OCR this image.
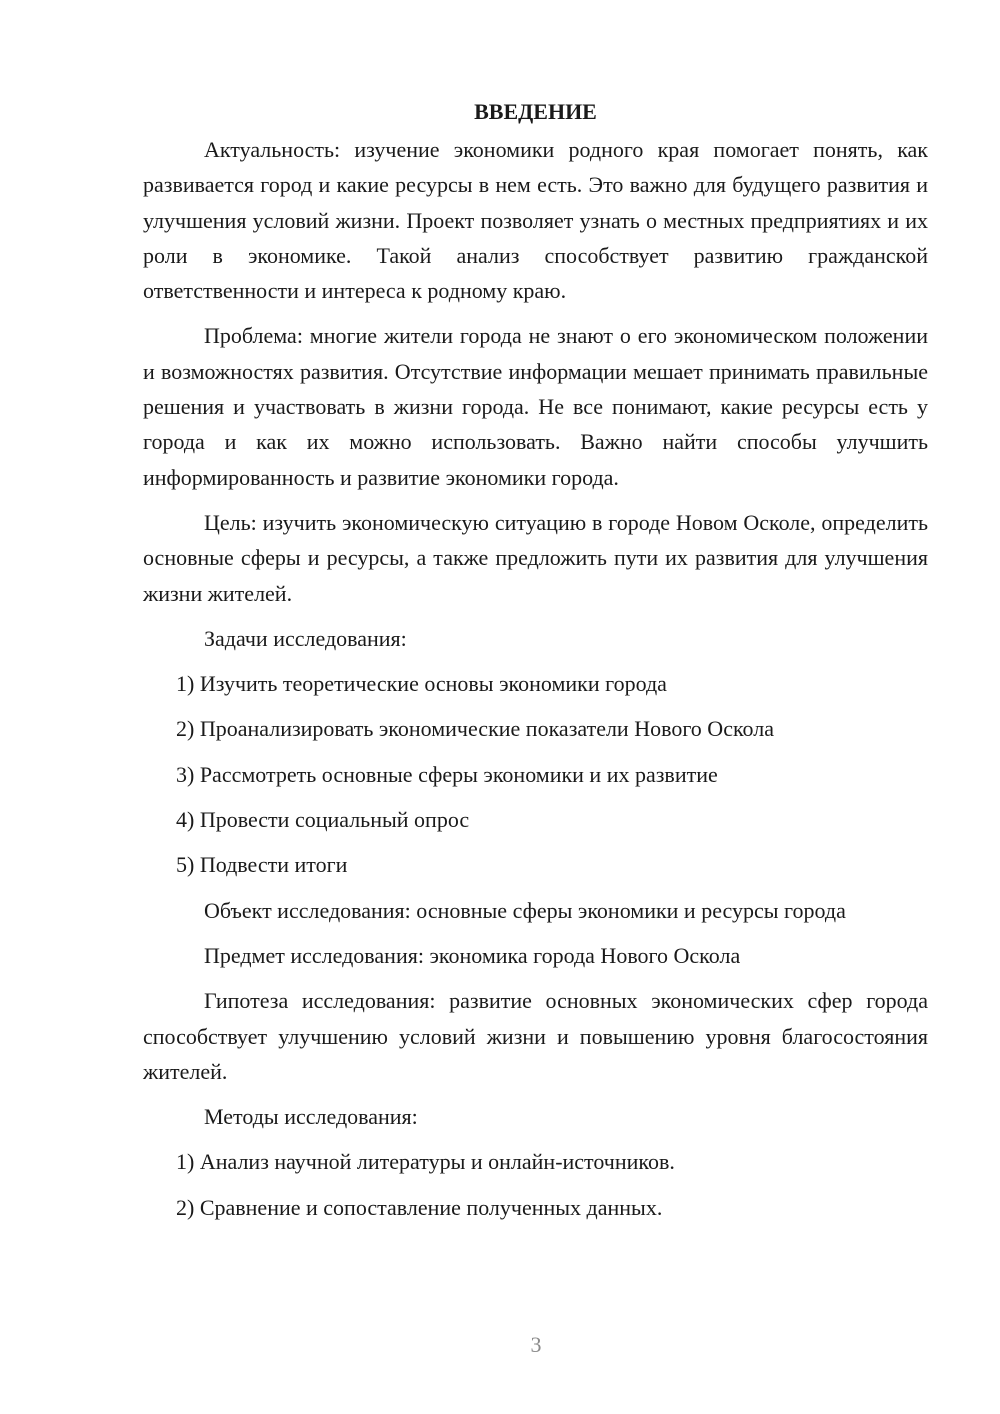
ВВЕДЕНИЕ

Актуальность: изучение экономики родного края помогает понять, как развивается город и какие ресурсы в нем есть. Это важно для будущего развития и улучшения условий жизни. Проект позволяет узнать о местных предприятиях и их роли в экономике. Такой анализ способствует развитию гражданской ответственности и интереса к родному краю.

Проблема: многие жители города не знают о его экономическом положении и возможностях развития. Отсутствие информации мешает принимать правильные решения и участвовать в жизни города. Не все понимают, какие ресурсы есть у города и как их можно использовать. Важно найти способы улучшить информированность и развитие экономики города.

Цель: изучить экономическую ситуацию в городе Новом Осколе, определить основные сферы и ресурсы, а также предложить пути их развития для улучшения жизни жителей.

Задачи исследования:

1) Изучить теоретические основы экономики города

2) Проанализировать экономические показатели Нового Оскола

3) Рассмотреть основные сферы экономики и их развитие

4) Провести социальный опрос

5) Подвести итоги

Объект исследования: основные сферы экономики и ресурсы города

Предмет исследования: экономика города Нового Оскола

Гипотеза исследования: развитие основных экономических сфер города способствует улучшению условий жизни и повышению уровня благосостояния жителей.

Методы исследования:

1) Анализ научной литературы и онлайн-источников.

2) Сравнение и сопоставление полученных данных.

3
